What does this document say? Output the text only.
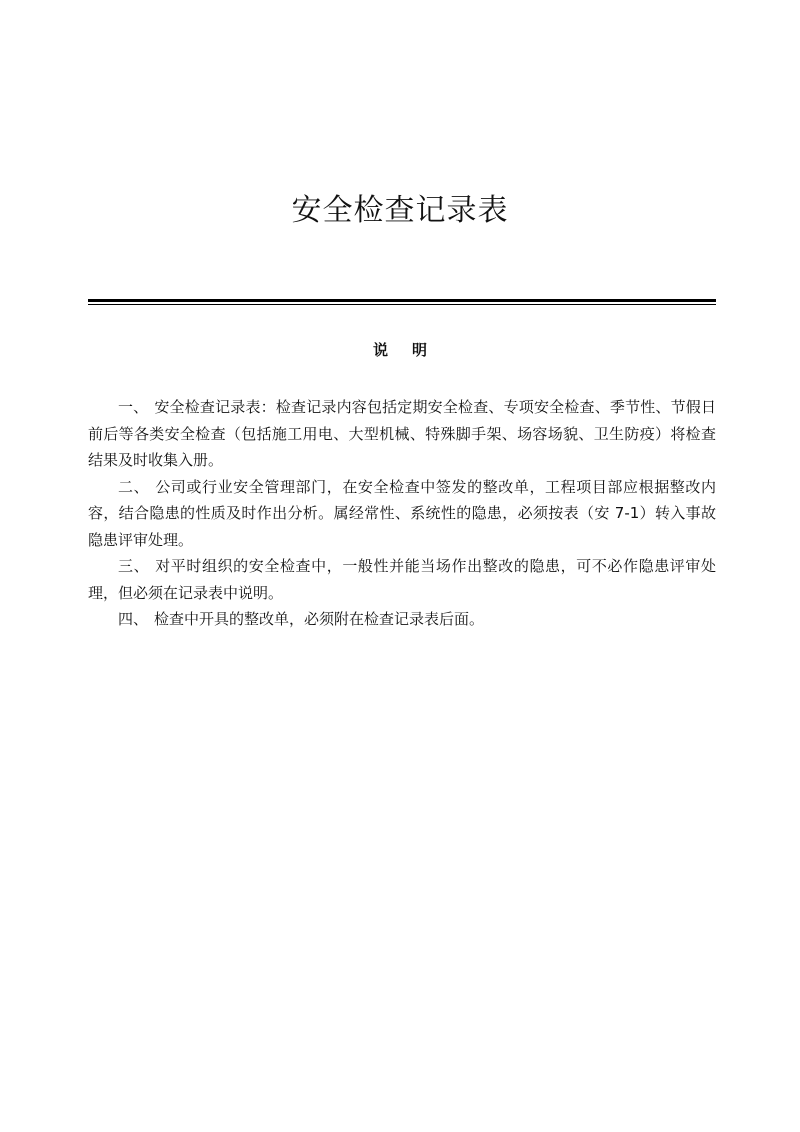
安全检查记录表
说 明

一、 安全检查记录表：检查记录内容包括定期安全检查、专项安全检查、季节性、节假日前后等各类安全检查（包括施工用电、大型机械、特殊脚手架、场容场貌、卫生防疫）将检查结果及时收集入册。

二、 公司或行业安全管理部门，在安全检查中签发的整改单，工程项目部应根据整改内容，结合隐患的性质及时作出分析。属经常性、系统性的隐患，必须按表（安 7-1）转入事故隐患评审处理。

三、 对平时组织的安全检查中，一般性并能当场作出整改的隐患，可不必作隐患评审处理，但必须在记录表中说明。

四、 检查中开具的整改单，必须附在检查记录表后面。
